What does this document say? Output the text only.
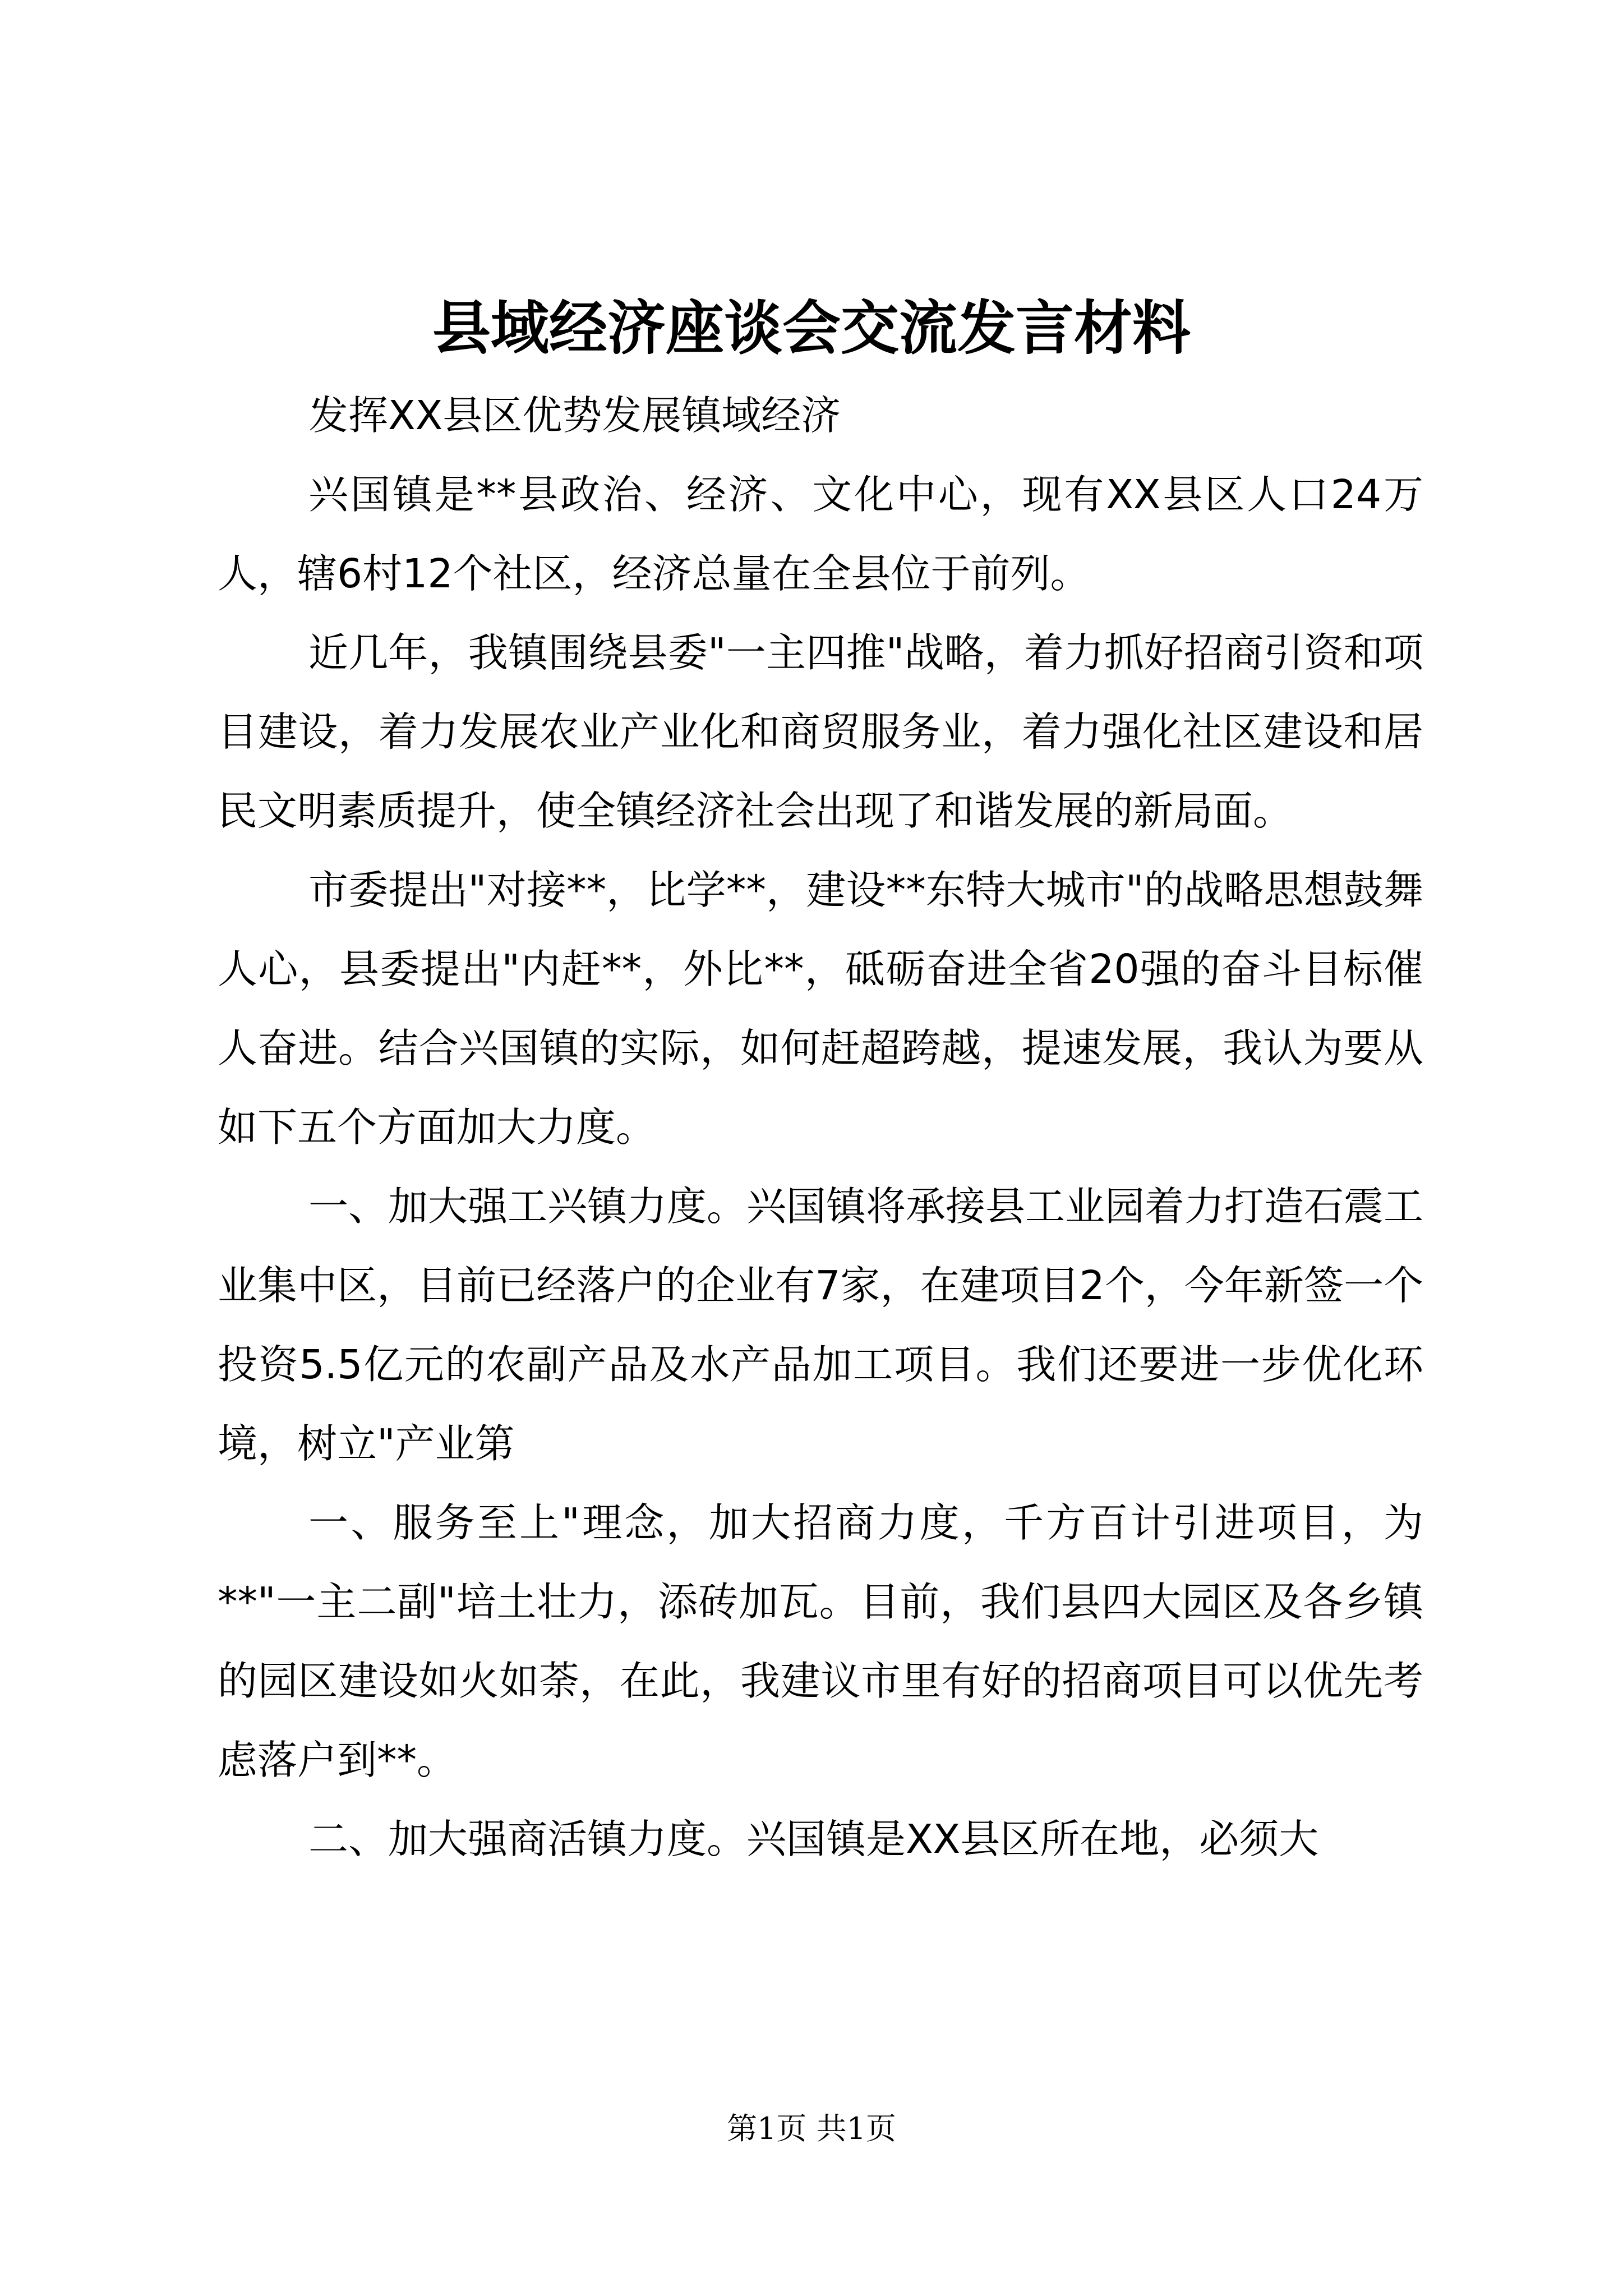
县域经济座谈会交流发言材料

发挥XX县区优势发展镇域经济

兴国镇是**县政治、经济、文化中心，现有XX县区人口24万人，辖6村12个社区，经济总量在全县位于前列。

近几年，我镇围绕县委"一主四推"战略，着力抓好招商引资和项目建设，着力发展农业产业化和商贸服务业，着力强化社区建设和居民文明素质提升，使全镇经济社会出现了和谐发展的新局面。

市委提出"对接**，比学**，建设**东特大城市"的战略思想鼓舞人心，县委提出"内赶**，外比**，砥砺奋进全省20强的奋斗目标催人奋进。结合兴国镇的实际，如何赶超跨越，提速发展，我认为要从如下五个方面加大力度。

一、加大强工兴镇力度。兴国镇将承接县工业园着力打造石震工业集中区，目前已经落户的企业有7家，在建项目2个，今年新签一个投资5.5亿元的农副产品及水产品加工项目。我们还要进一步优化环境，树立"产业第

一、服务至上"理念，加大招商力度，千方百计引进项目，为**"一主二副"培土壮力，添砖加瓦。目前，我们县四大园区及各乡镇的园区建设如火如荼，在此，我建议市里有好的招商项目可以优先考虑落户到**。

二、加大强商活镇力度。兴国镇是XX县区所在地，必须大

第1页 共1页
